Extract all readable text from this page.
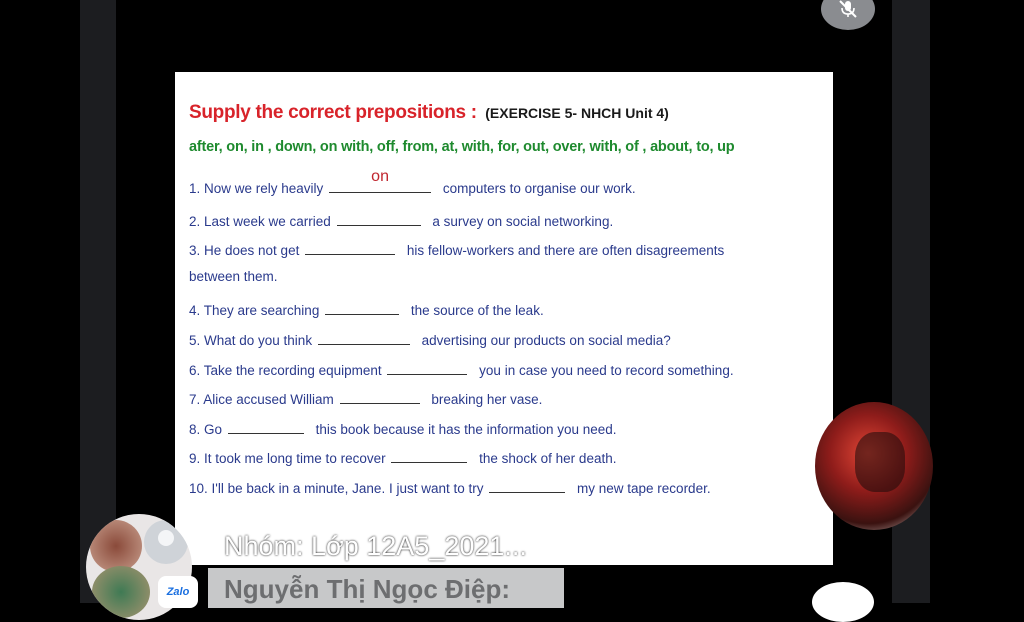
Supply the correct prepositions : (EXERCISE 5- NHCH Unit 4)
after, on, in , down, on with, off, from, at, with, for, out, over, with, of , about, to, up
1. Now we rely heavily
on
computers to organise our work.
2. Last week we carried	a survey on social networking.
3. He does not get	his fellow-workers and there are often disagreements
between them.
4. They are searching	the source of the leak.
5. What do you think	advertising our products on social media?
6. Take the recording equipment	you in case you need to record something.
7. Alice accused William	breaking her vase.
8. Go	this book because it has the information you need.
9. It took me long time to recover	the shock of her death.
10. I'll be back in a minute, Jane. I just want to try	my new tape recorder.
Zalo
Nhóm: Lớp 12A5_2021...
Nguyễn Thị Ngọc Điệp:
